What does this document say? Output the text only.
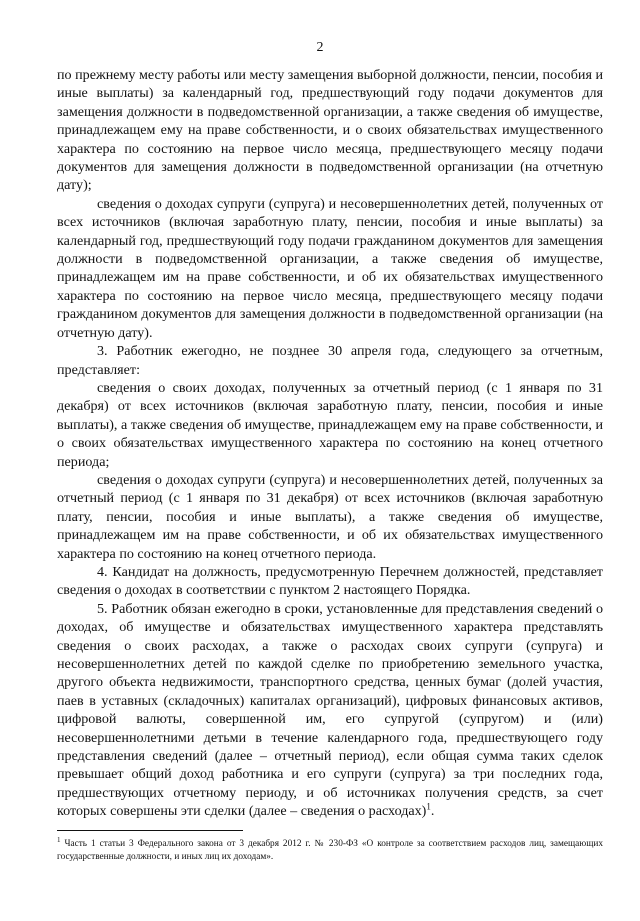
2

по прежнему месту работы или месту замещения выборной должности, пенсии, пособия и иные выплаты) за календарный год, предшествующий году подачи документов для замещения должности в подведомственной организации, а также сведения об имуществе, принадлежащем ему на праве собственности, и о своих обязательствах имущественного характера по состоянию на первое число месяца, предшествующего месяцу подачи документов для замещения должности в подведомственной организации (на отчетную дату);

сведения о доходах супруги (супруга) и несовершеннолетних детей, полученных от всех источников (включая заработную плату, пенсии, пособия и иные выплаты) за календарный год, предшествующий году подачи гражданином документов для замещения должности в подведомственной организации, а также сведения об имуществе, принадлежащем им на праве собственности, и об их обязательствах имущественного характера по состоянию на первое число месяца, предшествующего месяцу подачи гражданином документов для замещения должности в подведомственной организации (на отчетную дату).

3. Работник ежегодно, не позднее 30 апреля года, следующего за отчетным, представляет:

сведения о своих доходах, полученных за отчетный период (с 1 января по 31 декабря) от всех источников (включая заработную плату, пенсии, пособия и иные выплаты), а также сведения об имуществе, принадлежащем ему на праве собственности, и о своих обязательствах имущественного характера по состоянию на конец отчетного периода;

сведения о доходах супруги (супруга) и несовершеннолетних детей, полученных за отчетный период (с 1 января по 31 декабря) от всех источников (включая заработную плату, пенсии, пособия и иные выплаты), а также сведения об имуществе, принадлежащем им на праве собственности, и об их обязательствах имущественного характера по состоянию на конец отчетного периода.

4. Кандидат на должность, предусмотренную Перечнем должностей, представляет сведения о доходах в соответствии с пунктом 2 настоящего Порядка.

5. Работник обязан ежегодно в сроки, установленные для представления сведений о доходах, об имуществе и обязательствах имущественного характера представлять сведения о своих расходах, а также о расходах своих супруги (супруга) и несовершеннолетних детей по каждой сделке по приобретению земельного участка, другого объекта недвижимости, транспортного средства, ценных бумаг (долей участия, паев в уставных (складочных) капиталах организаций), цифровых финансовых активов, цифровой валюты, совершенной им, его супругой (супругом) и (или) несовершеннолетними детьми в течение календарного года, предшествующего году представления сведений (далее – отчетный период), если общая сумма таких сделок превышает общий доход работника и его супруги (супруга) за три последних года, предшествующих отчетному периоду, и об источниках получения средств, за счет которых совершены эти сделки (далее – сведения о расходах)$^1$.

$^1$ Часть 1 статьи 3 Федерального закона от 3 декабря 2012 г. № 230-ФЗ «О контроле за соответствием расходов лиц, замещающих государственные должности, и иных лиц их доходам».
